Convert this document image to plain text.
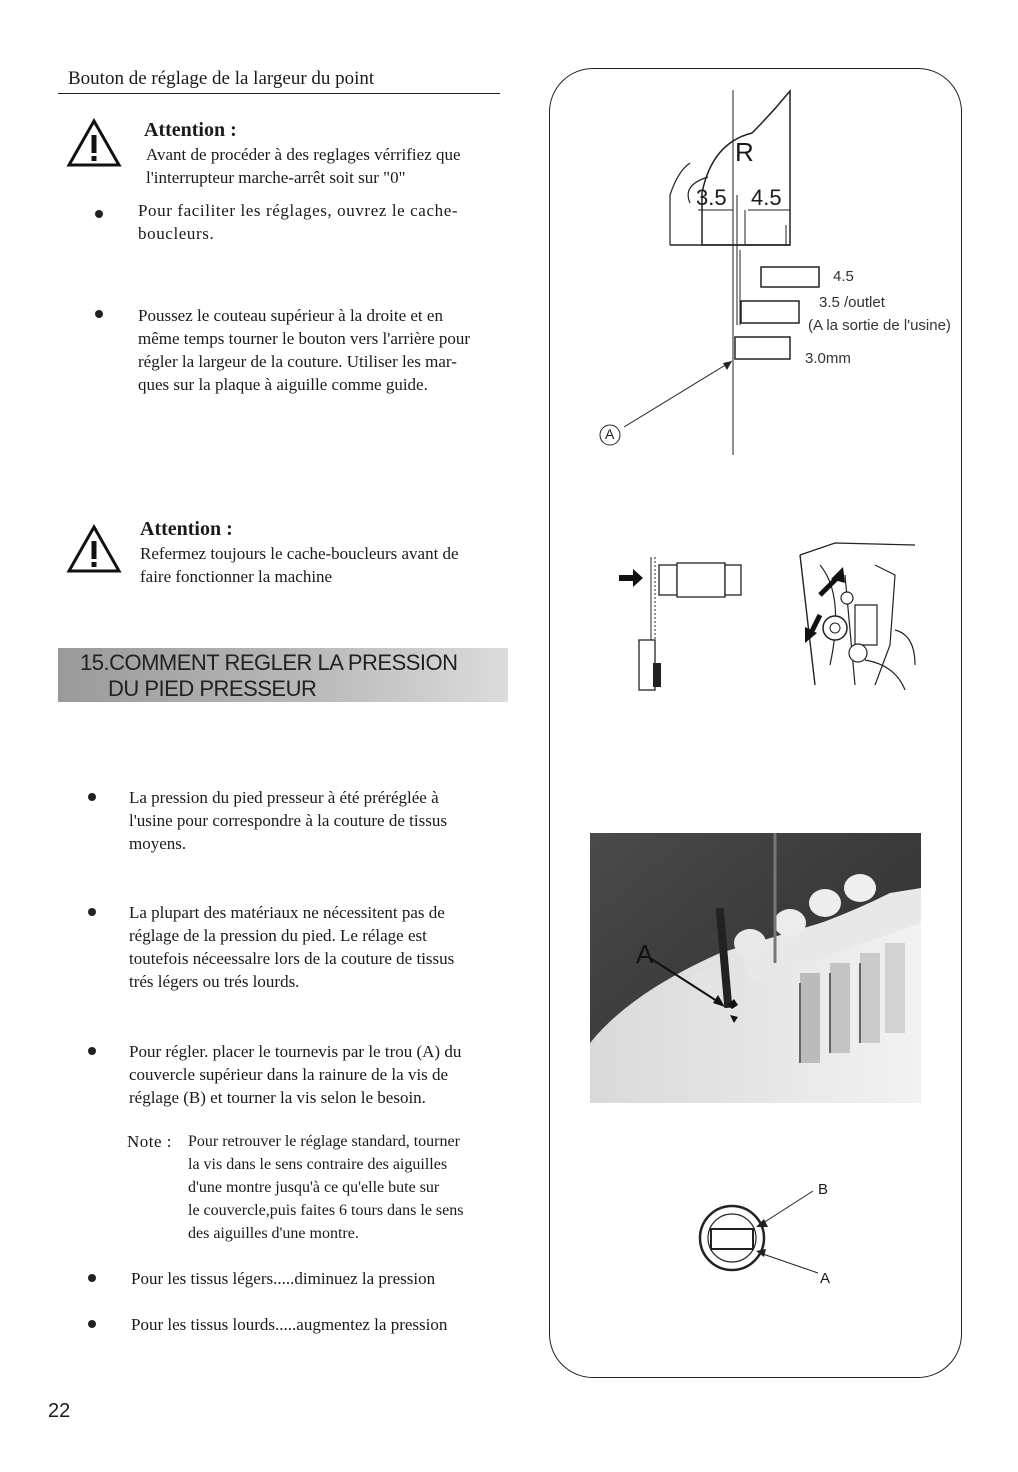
Bouton de réglage de la largeur du point
Attention :
Avant de procéder à des reglages vérrifiez que
l'interrupteur marche-arrêt soit sur "0"
Pour faciliter les réglages, ouvrez le cache-
boucleurs.
Poussez le couteau supérieur à la droite et en
même temps tourner le bouton vers l'arrière pour
régler la largeur de la couture. Utiliser les mar-
ques sur la plaque à aiguille comme guide.
Attention :
Refermez toujours le cache-boucleurs avant de
faire fonctionner la machine
15.COMMENT REGLER LA PRESSION
DU PIED PRESSEUR
La pression du pied presseur à été préréglée à
l'usine pour correspondre à la couture de tissus
moyens.
La plupart des matériaux ne nécessitent pas de
réglage de la pression du pied. Le rélage est
toutefois néceessalre lors de la couture de tissus
trés légers ou trés lourds.
Pour régler. placer le tournevis par le trou (A) du
couvercle supérieur dans la rainure de la vis de
réglage (B) et tourner la vis selon le besoin.
Note : Pour retrouver le réglage standard, tourner
la vis dans le sens contraire des aiguilles
d'une montre jusqu'à ce qu'elle bute sur
le couvercle,puis faites 6 tours dans le sens
des aiguilles d'une montre.
Pour les tissus légers.....diminuez la pression
Pour les tissus lourds.....augmentez la pression
22
R
3.5 4.5
4.5
3.5 /outlet
(A la sortie de l'usine)
3.0mm
A
A
B
A
